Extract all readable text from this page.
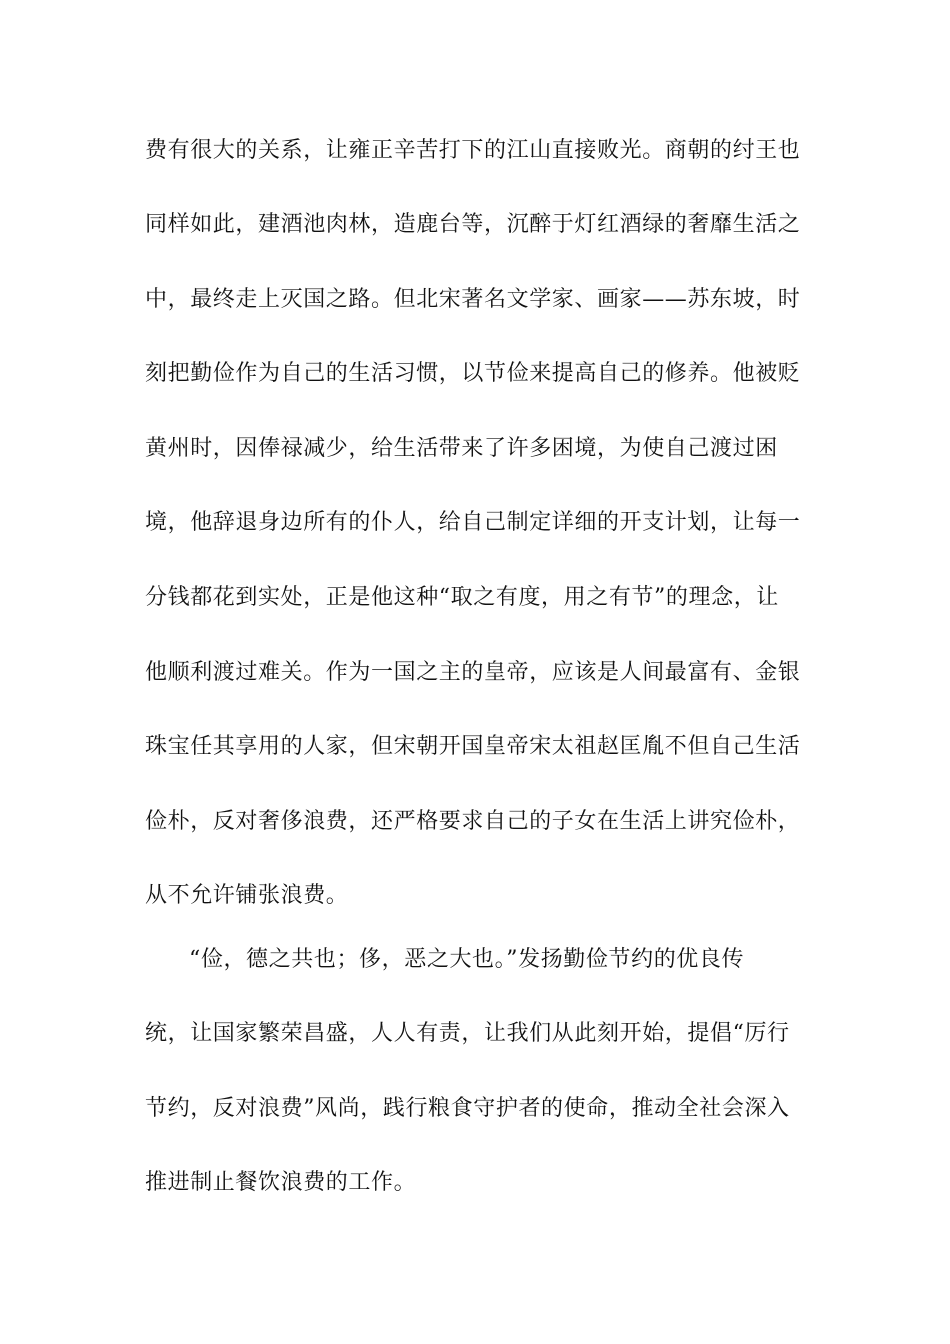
费有很大的关系，让雍正辛苦打下的江山直接败光。商朝的纣王也
同样如此，建酒池肉林，造鹿台等，沉醉于灯红酒绿的奢靡生活之
中，最终走上灭国之路。但北宋著名文学家、画家——苏东坡，时
刻把勤俭作为自己的生活习惯，以节俭来提高自己的修养。他被贬
黄州时，因俸禄减少，给生活带来了许多困境，为使自己渡过困
境，他辞退身边所有的仆人，给自己制定详细的开支计划，让每一
分钱都花到实处，正是他这种“取之有度，用之有节”的理念，让
他顺利渡过难关。作为一国之主的皇帝，应该是人间最富有、金银
珠宝任其享用的人家，但宋朝开国皇帝宋太祖赵匡胤不但自己生活
俭朴，反对奢侈浪费，还严格要求自己的子女在生活上讲究俭朴，
从不允许铺张浪费。
“俭，德之共也；侈，恶之大也。”发扬勤俭节约的优良传
统，让国家繁荣昌盛，人人有责，让我们从此刻开始，提倡“厉行
节约，反对浪费”风尚，践行粮食守护者的使命，推动全社会深入
推进制止餐饮浪费的工作。
